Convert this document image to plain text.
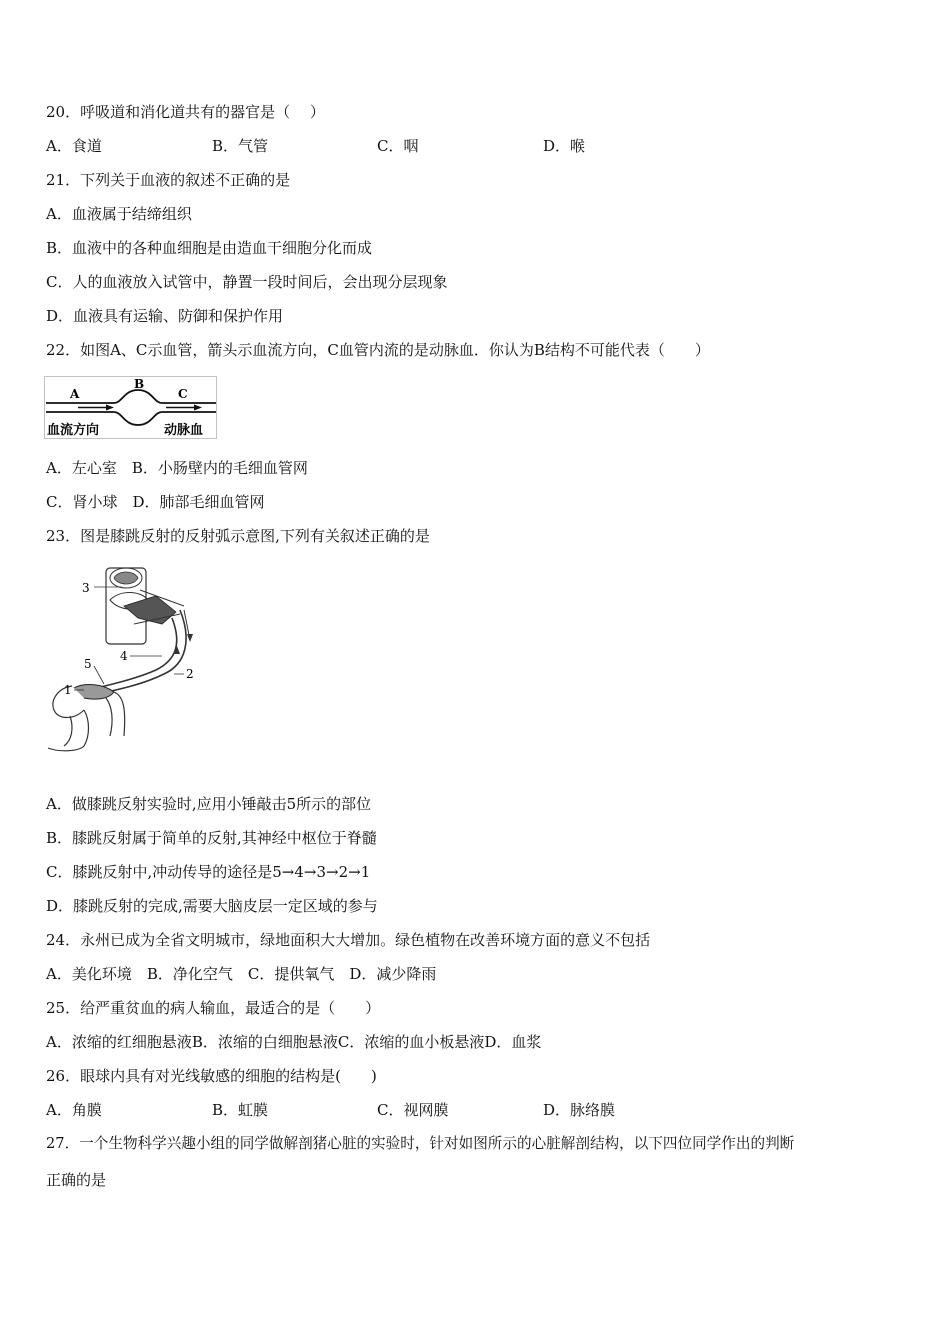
20．呼吸道和消化道共有的器官是（　 ）
A．食道	B．气管	C．咽	D．喉
21．下列关于血液的叙述不正确的是
A．血液属于结缔组织
B．血液中的各种血细胞是由造血干细胞分化而成
C．人的血液放入试管中，静置一段时间后，会出现分层现象
D．血液具有运输、防御和保护作用
22．如图A、C示血管，箭头示血流方向，C血管内流的是动脉血．你认为B结构不可能代表（　　）
A
B
C
血流方向	动脉血
A．左心室　B．小肠壁内的毛细血管网
C．肾小球　D．肺部毛细血管网
23．图是膝跳反射的反射弧示意图,下列有关叙述正确的是
3
4
5
1
2
A．做膝跳反射实验时,应用小锤敲击5所示的部位
B．膝跳反射属于简单的反射,其神经中枢位于脊髓
C．膝跳反射中,冲动传导的途径是5→4→3→2→1
D．膝跳反射的完成,需要大脑皮层一定区域的参与
24．永州已成为全省文明城市，绿地面积大大增加。绿色植物在改善环境方面的意义不包括
A．美化环境　B．净化空气　C．提供氧气　D．减少降雨
25．给严重贫血的病人输血，最适合的是（　　）
A．浓缩的红细胞悬液B．浓缩的白细胞悬液C．浓缩的血小板悬液D．血浆
26．眼球内具有对光线敏感的细胞的结构是(　　)
A．角膜	B．虹膜	C．视网膜	D．脉络膜
27．一个生物科学兴趣小组的同学做解剖猪心脏的实验时，针对如图所示的心脏解剖结构，以下四位同学作出的判断
正确的是
